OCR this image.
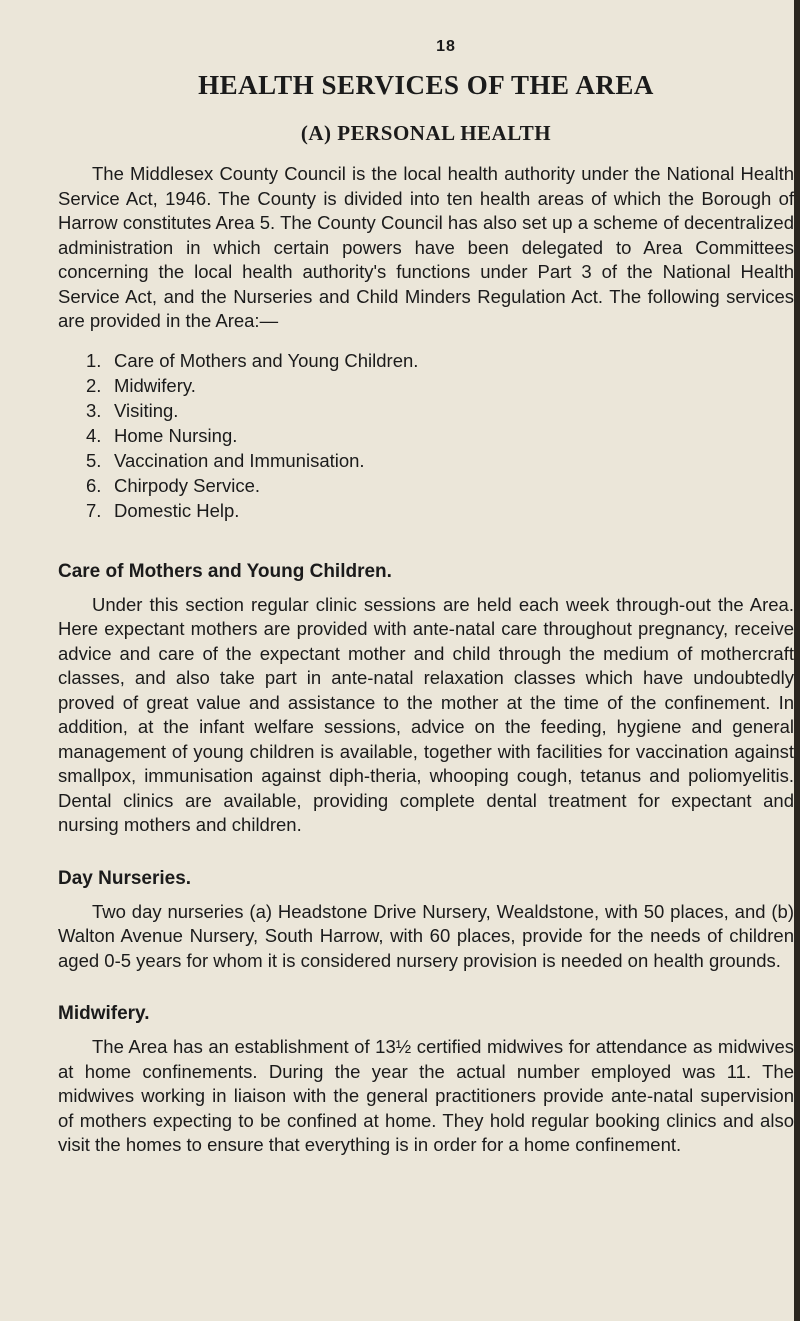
18
HEALTH SERVICES OF THE AREA
(A) PERSONAL HEALTH

The Middlesex County Council is the local health authority under the National Health Service Act, 1946. The County is divided into ten health areas of which the Borough of Harrow constitutes Area 5. The County Council has also set up a scheme of decentralized administration in which certain powers have been delegated to Area Committees concerning the local health authority's functions under Part 3 of the National Health Service Act, and the Nurseries and Child Minders Regulation Act. The following services are provided in the Area:—

1. Care of Mothers and Young Children.
2. Midwifery.
3. Visiting.
4. Home Nursing.
5. Vaccination and Immunisation.
6. Chirpody Service.
7. Domestic Help.
Care of Mothers and Young Children.

Under this section regular clinic sessions are held each week through-out the Area. Here expectant mothers are provided with ante-natal care throughout pregnancy, receive advice and care of the expectant mother and child through the medium of mothercraft classes, and also take part in ante-natal relaxation classes which have undoubtedly proved of great value and assistance to the mother at the time of the confinement. In addition, at the infant welfare sessions, advice on the feeding, hygiene and general management of young children is available, together with facilities for vaccination against smallpox, immunisation against diph-theria, whooping cough, tetanus and poliomyelitis. Dental clinics are available, providing complete dental treatment for expectant and nursing mothers and children.

Day Nurseries.

Two day nurseries (a) Headstone Drive Nursery, Wealdstone, with 50 places, and (b) Walton Avenue Nursery, South Harrow, with 60 places, provide for the needs of children aged 0-5 years for whom it is considered nursery provision is needed on health grounds.

Midwifery.

The Area has an establishment of 13½ certified midwives for attendance as midwives at home confinements. During the year the actual number employed was 11. The midwives working in liaison with the general practitioners provide ante-natal supervision of mothers expecting to be confined at home. They hold regular booking clinics and also visit the homes to ensure that everything is in order for a home confinement.
